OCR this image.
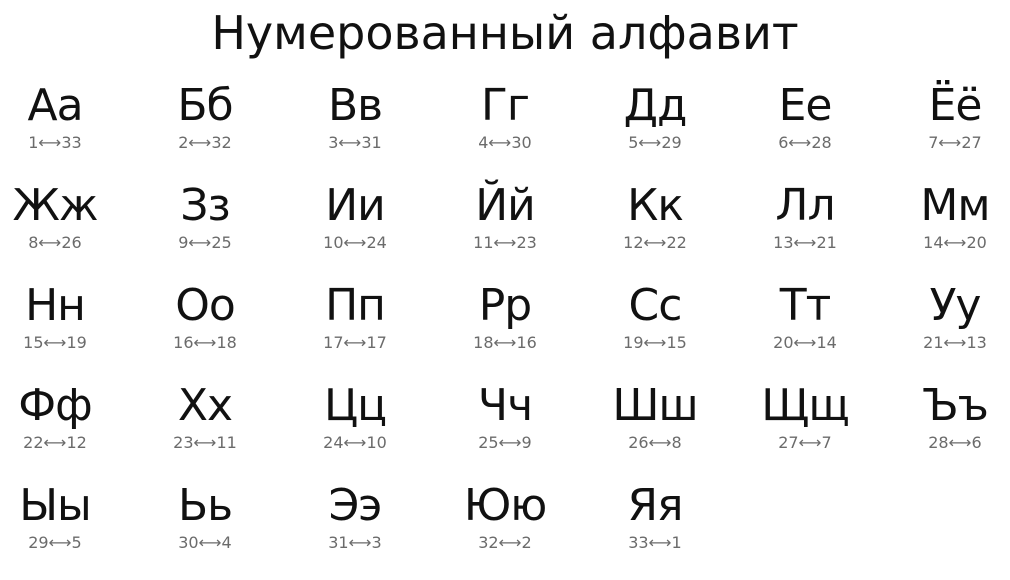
Нумерованный алфавит
Аа
1⟷33
Бб
2⟷32
Вв
3⟷31
Гг
4⟷30
Дд
5⟷29
Ее
6⟷28
Ёё
7⟷27
Жж
8⟷26
Зз
9⟷25
Ии
10⟷24
Йй
11⟷23
Кк
12⟷22
Лл
13⟷21
Мм
14⟷20
Нн
15⟷19
Оо
16⟷18
Пп
17⟷17
Рр
18⟷16
Сс
19⟷15
Тт
20⟷14
Уу
21⟷13
Фф
22⟷12
Хх
23⟷11
Цц
24⟷10
Чч
25⟷9
Шш
26⟷8
Щщ
27⟷7
Ъъ
28⟷6
Ыы
29⟷5
Ьь
30⟷4
Ээ
31⟷3
Юю
32⟷2
Яя
33⟷1
